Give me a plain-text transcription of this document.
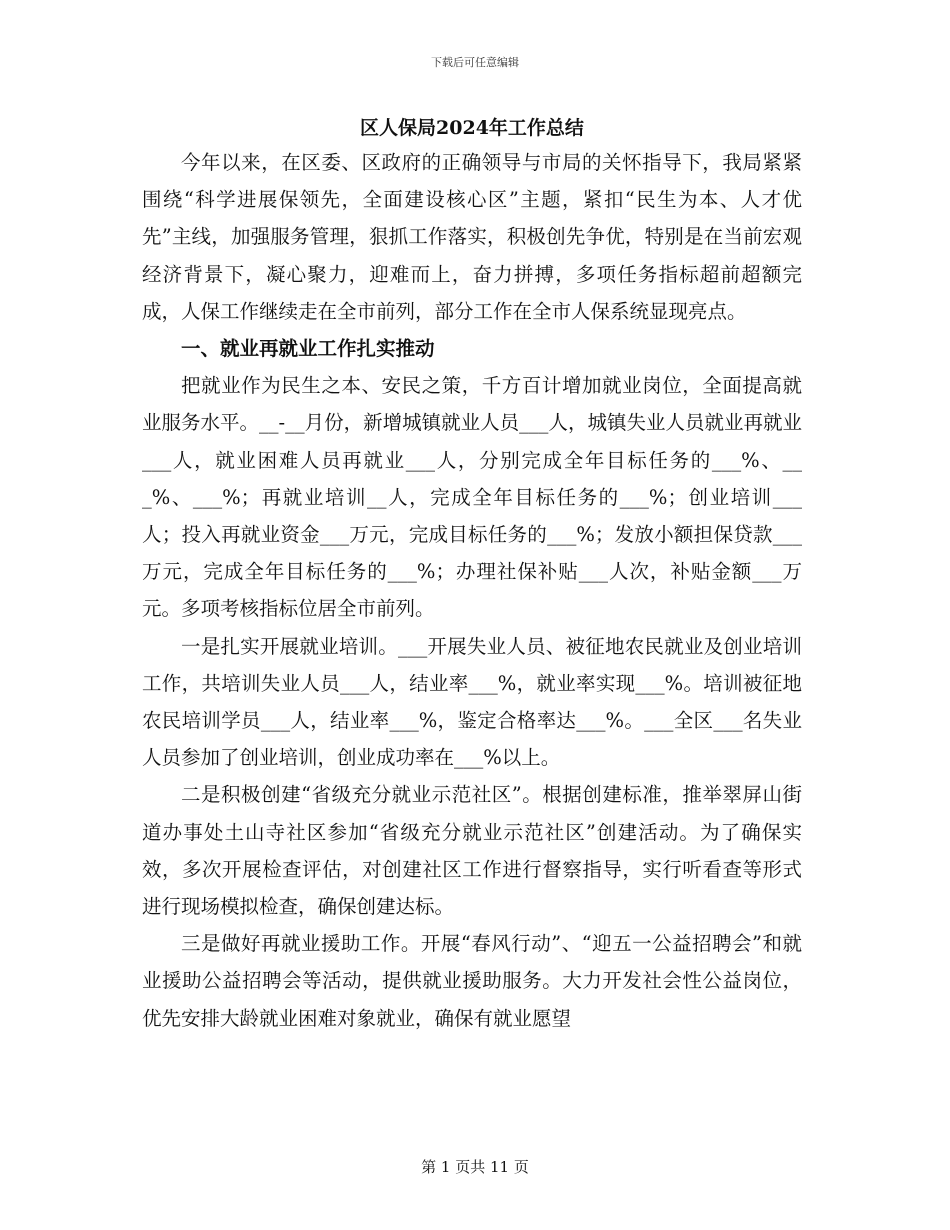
下载后可任意编辑
区人保局2024年工作总结

今年以来，在区委、区政府的正确领导与市局的关怀指导下，我局紧紧围绕“科学进展保领先，全面建设核心区”主题，紧扣“民生为本、人才优先”主线，加强服务管理，狠抓工作落实，积极创先争优，特别是在当前宏观经济背景下，凝心聚力，迎难而上，奋力拼搏，多项任务指标超前超额完成，人保工作继续走在全市前列，部分工作在全市人保系统显现亮点。

一、就业再就业工作扎实推动

把就业作为民生之本、安民之策，千方百计增加就业岗位，全面提高就业服务水平。__-__月份，新增城镇就业人员___人，城镇失业人员就业再就业___人，就业困难人员再就业___人，分别完成全年目标任务的___%、___%、___%；再就业培训__人，完成全年目标任务的___%；创业培训___人；投入再就业资金___万元，完成目标任务的___%；发放小额担保贷款___万元，完成全年目标任务的___%；办理社保补贴___人次，补贴金额___万元。多项考核指标位居全市前列。

一是扎实开展就业培训。___开展失业人员、被征地农民就业及创业培训工作，共培训失业人员___人，结业率___%，就业率实现___%。培训被征地农民培训学员___人，结业率___%，鉴定合格率达___%。___全区___名失业人员参加了创业培训，创业成功率在___%以上。

二是积极创建“省级充分就业示范社区”。根据创建标准，推举翠屏山街道办事处土山寺社区参加“省级充分就业示范社区”创建活动。为了确保实效，多次开展检查评估，对创建社区工作进行督察指导，实行听看查等形式进行现场模拟检查，确保创建达标。

三是做好再就业援助工作。开展“春风行动”、“迎五一公益招聘会”和就业援助公益招聘会等活动，提供就业援助服务。大力开发社会性公益岗位，优先安排大龄就业困难对象就业，确保有就业愿望

第 1 页共 11 页
